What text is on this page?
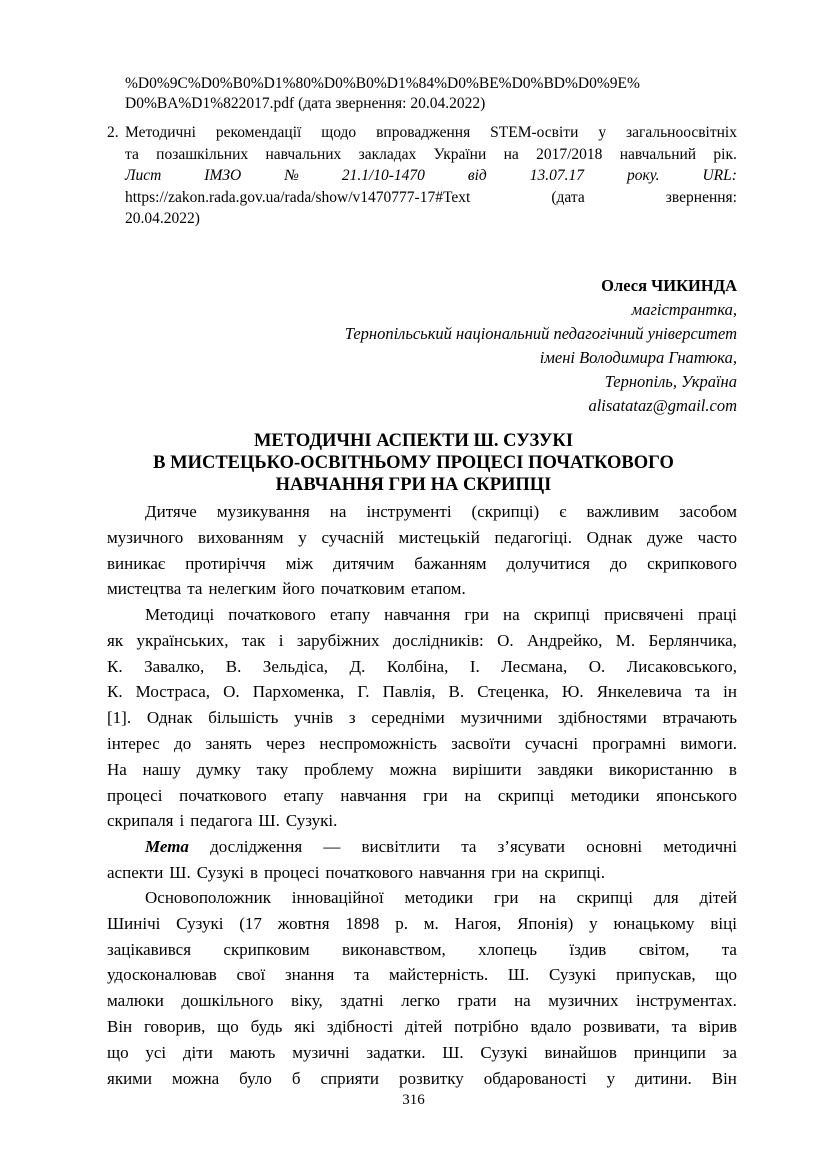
%D0%9C%D0%B0%D1%80%D0%B0%D1%84%D0%BE%D0%BD%D0%9E%
D0%BA%D1%822017.pdf (дата звернення: 20.04.2022)
2. Методичні рекомендації щодо впровадження STEM-освіти у загальноосвітніх
та позашкільних навчальних закладах України на 2017/2018 навчальний рік.
Лист	ІМЗО	№	21.1/10-1470	від	13.07.17	року.	URL:
https://zakon.rada.gov.ua/rada/show/v1470777-17#Text	(дата	звернення:
20.04.2022)
Олеся ЧИКИНДА
магістрантка,
Тернопільський національний педагогічний університет
імені Володимира Гнатюка,
Тернопіль, Україна
alisatataz@gmail.com
МЕТОДИЧНІ АСПЕКТИ Ш. СУЗУКІ
В МИСТЕЦЬКО-ОСВІТНЬОМУ ПРОЦЕСІ ПОЧАТКОВОГО
НАВЧАННЯ ГРИ НА СКРИПЦІ
Дитяче музикування на інструменті (скрипці) є важливим засобом
музичного вихованням у сучасній мистецькій педагогіці. Однак дуже часто
виникає протиріччя між дитячим бажанням долучитися до скрипкового
мистецтва та нелегким його початковим етапом.
Методиці початкового етапу навчання гри на скрипці присвячені праці
як українських, так і зарубіжних дослідників: О. Андрейко, М. Берлянчика,
К. Завалко, В. Зельдіса, Д. Колбіна, І. Лесмана, О. Лисаковського,
К. Мострaса, О. Пархоменка, Г. Павлія, В. Стеценка, Ю. Янкелевича та ін
[1]. Однак більшість учнів з середніми музичними здібностями втрачають
інтерес до занять через неспроможність засвоїти сучасні програмні вимоги.
На нашу думку таку проблему можна вирішити завдяки використанню в
процесі початкового етапу навчання гри на скрипці методики японського
скрипаля і педагога Ш. Сузукі.
Мета дослідження — висвітлити та з’ясувати основні методичні
аспекти Ш. Сузукі в процесі початкового навчання гри на скрипці.
Основоположник інноваційної методики гри на скрипці для дітей
Шинічі Сузукі (17 жовтня 1898 р. м. Нагоя, Японія) у юнацькому віці
зацікавився скрипковим виконавством, хлопець їздив світом, та
удосконалював свої знання та майстерність. Ш. Сузукі припускав, що
малюки дошкільного віку, здатні легко грати на музичних інструментах.
Він говорив, що будь які здібності дітей потрібно вдало розвивати, та вірив
що усі діти мають музичні задатки. Ш. Сузукі винайшов принципи за
якими можна було б сприяти розвитку обдарованості у дитини. Він
316
